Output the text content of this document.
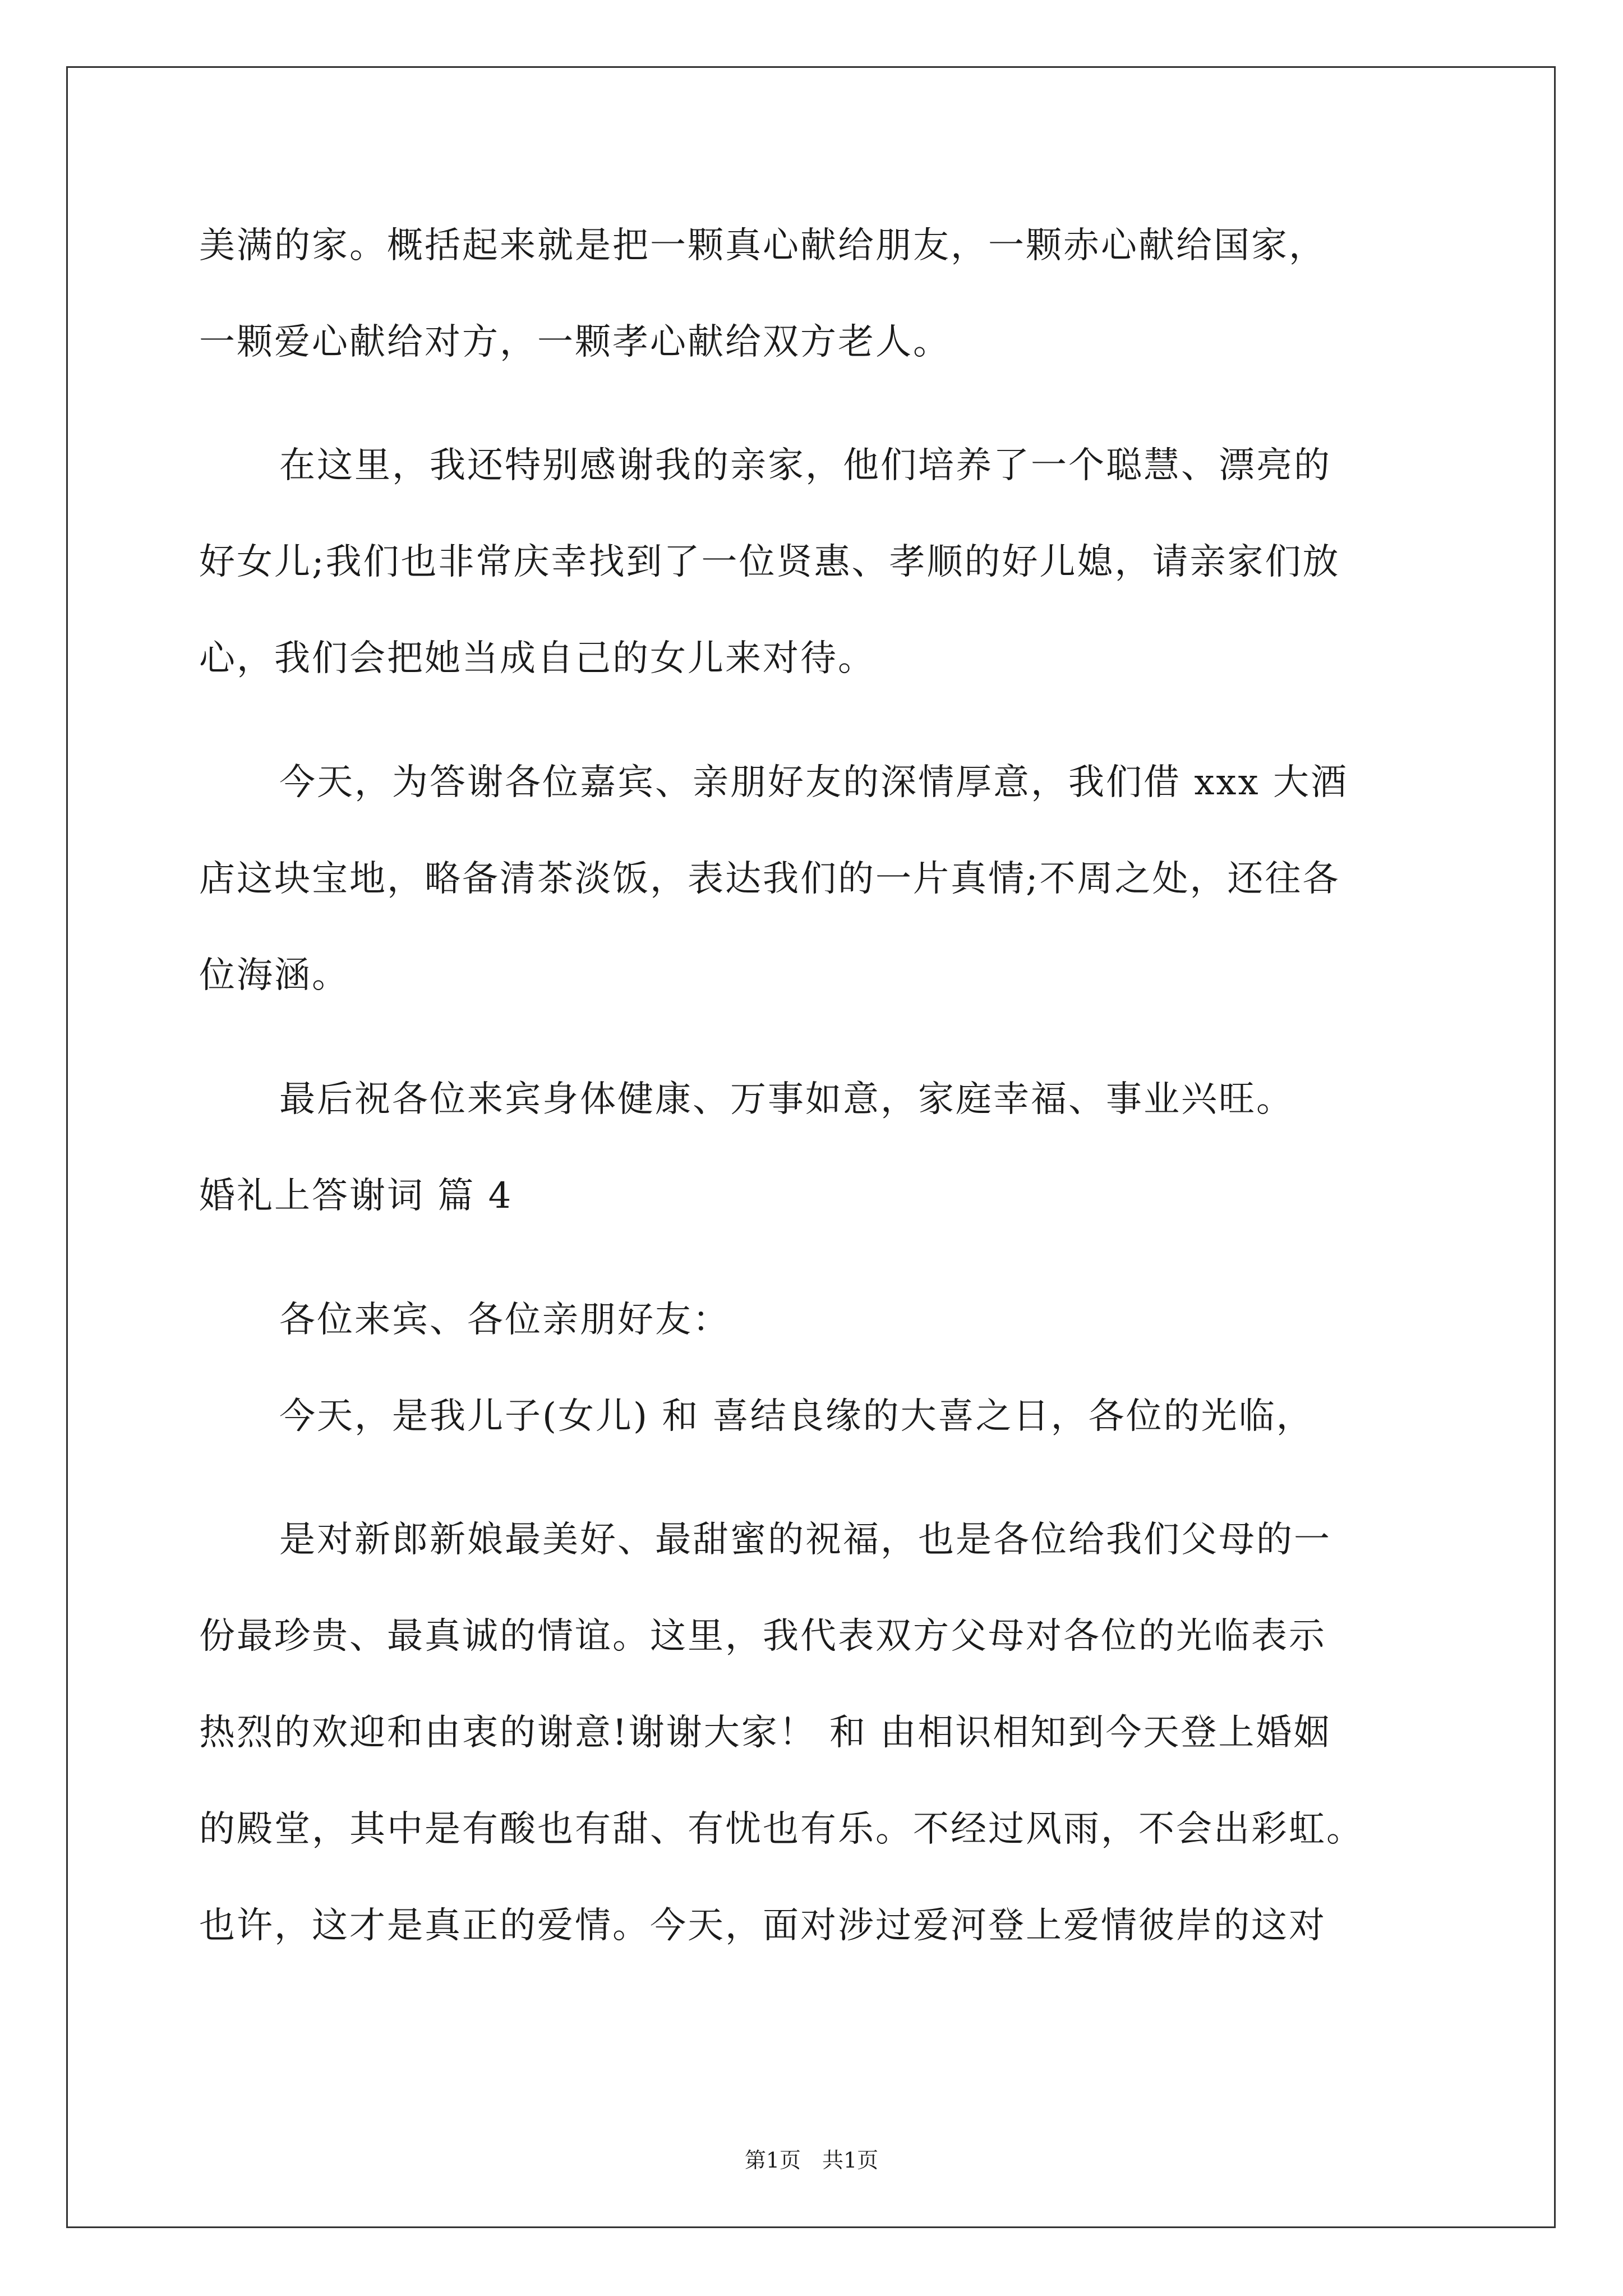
美满的家。概括起来就是把一颗真心献给朋友，一颗赤心献给国家，

一颗爱心献给对方，一颗孝心献给双方老人。

在这里，我还特别感谢我的亲家，他们培养了一个聪慧、漂亮的

好女儿;我们也非常庆幸找到了一位贤惠、孝顺的好儿媳，请亲家们放

心，我们会把她当成自己的女儿来对待。

今天，为答谢各位嘉宾、亲朋好友的深情厚意，我们借 xxx 大酒

店这块宝地，略备清茶淡饭，表达我们的一片真情;不周之处，还往各

位海涵。

最后祝各位来宾身体健康、万事如意，家庭幸福、事业兴旺。

婚礼上答谢词 篇 4

各位来宾、各位亲朋好友：

今天，是我儿子(女儿) 和 喜结良缘的大喜之日，各位的光临，

是对新郎新娘最美好、最甜蜜的祝福，也是各位给我们父母的一

份最珍贵、最真诚的情谊。这里，我代表双方父母对各位的光临表示

热烈的欢迎和由衷的谢意!谢谢大家！ 和 由相识相知到今天登上婚姻

的殿堂，其中是有酸也有甜、有忧也有乐。不经过风雨，不会出彩虹。

也许，这才是真正的爱情。今天，面对涉过爱河登上爱情彼岸的这对

第1页　共1页
